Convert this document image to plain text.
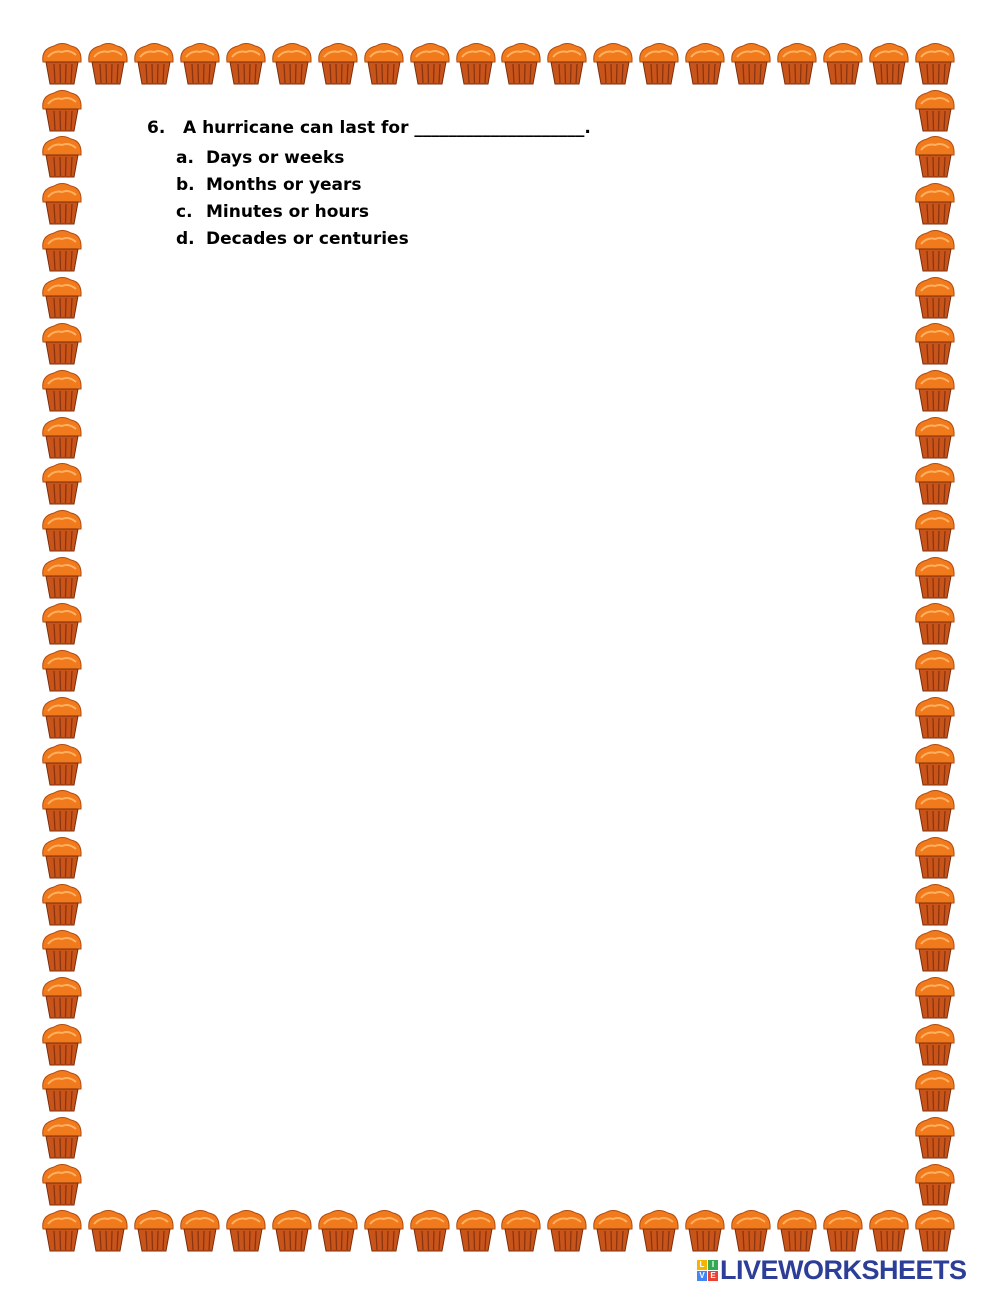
6. A hurricane can last for ____________________.
a. Days or weeks
b. Months or years
c. Minutes or hours
d. Decades or centuries
L I
V E LIVEWORKSHEETS
